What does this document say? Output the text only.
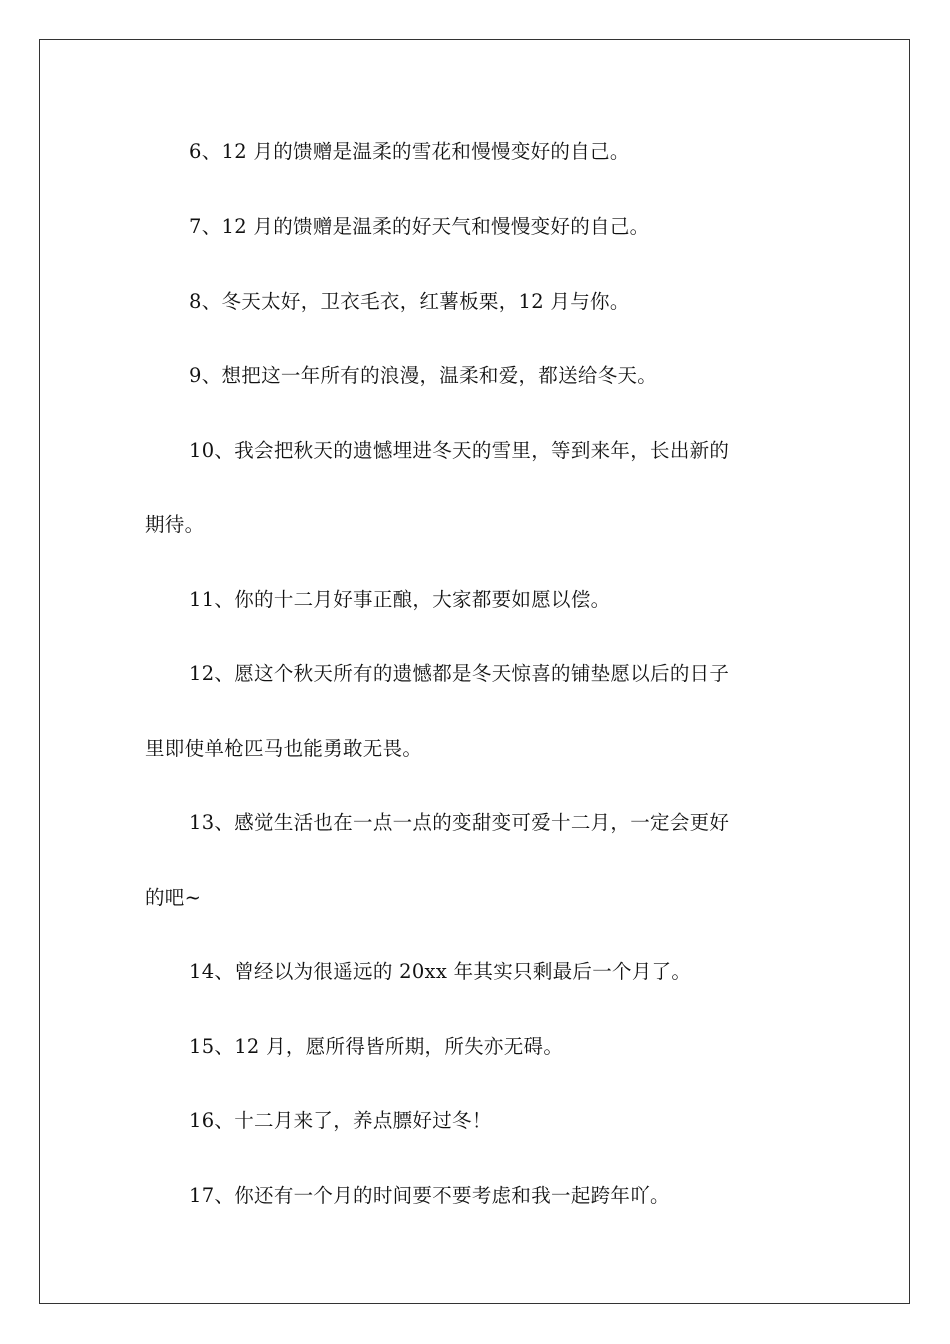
6、12 月的馈赠是温柔的雪花和慢慢变好的自己。
7、12 月的馈赠是温柔的好天气和慢慢变好的自己。
8、冬天太好，卫衣毛衣，红薯板栗，12 月与你。
9、想把这一年所有的浪漫，温柔和爱，都送给冬天。
10、我会把秋天的遗憾埋进冬天的雪里，等到来年，长出新的
期待。
11、你的十二月好事正酿，大家都要如愿以偿。
12、愿这个秋天所有的遗憾都是冬天惊喜的铺垫愿以后的日子
里即使单枪匹马也能勇敢无畏。
13、感觉生活也在一点一点的变甜变可爱十二月，一定会更好
的吧~
14、曾经以为很遥远的 20xx 年其实只剩最后一个月了。
15、12 月，愿所得皆所期，所失亦无碍。
16、十二月来了，养点膘好过冬！
17、你还有一个月的时间要不要考虑和我一起跨年吖。
